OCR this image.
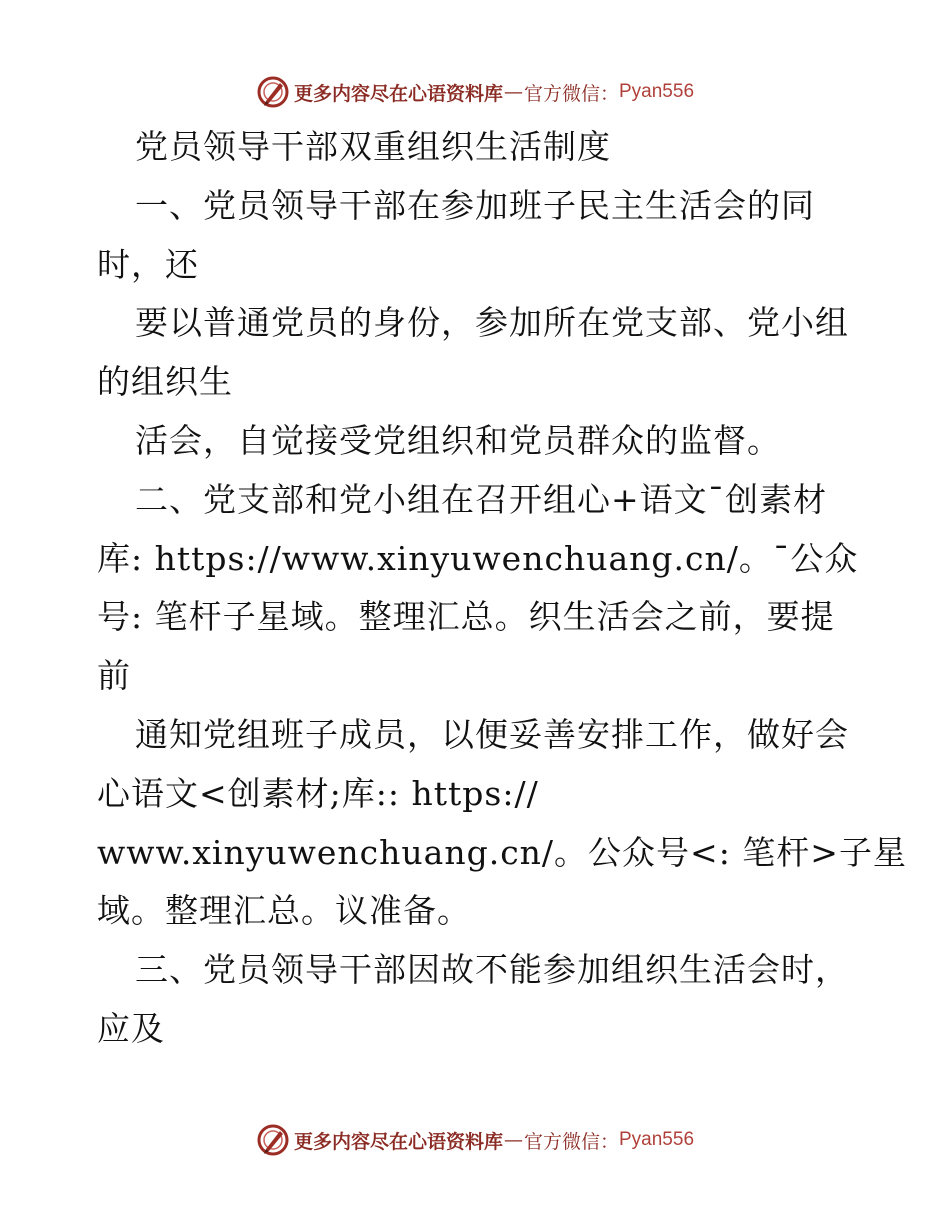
更多内容尽在心语资料库 — 官方微信： Pyan556
党员领导干部双重组织生活制度
一、党员领导干部在参加班子民主生活会的同
时，还
要以普通党员的身份，参加所在党支部、党小组
的组织生
活会，自觉接受党组织和党员群众的监督。
二、党支部和党小组在召开组心+语文¯创素材
库: https://www.xinyuwenchuang.cn/。¯公众
号: 笔杆子星域。整理汇总。织生活会之前，要提
前
通知党组班子成员，以便妥善安排工作，做好会
心语文<创素材;库:: https://
www.xinyuwenchuang.cn/。公众号<: 笔杆>子星
域。整理汇总。议准备。
三、党员领导干部因故不能参加组织生活会时，
应及
更多内容尽在心语资料库 — 官方微信： Pyan556
